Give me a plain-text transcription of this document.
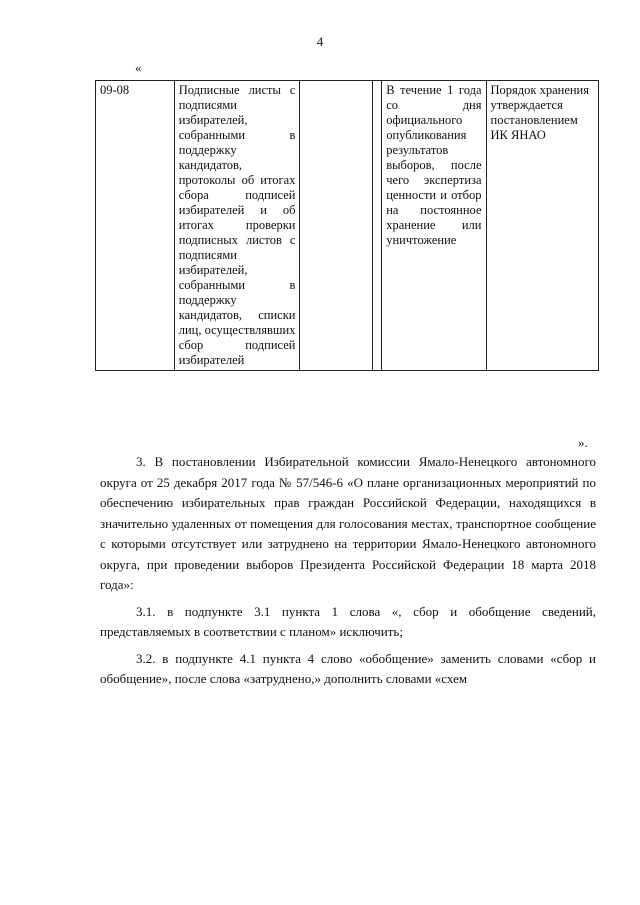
4
«
09-08	Подписные листы с подписями избирателей, собранными в поддержку кандидатов, протоколы об итогах сбора подписей избирателей и об итогах проверки подписных листов с подписями избирателей, собранными в поддержку кандидатов, списки лиц, осуществлявших сбор подписей избирателей			В течение 1 года со дня официального опубликования результатов выборов, после чего экспертиза ценности и отбор на постоянное хранение или уничтожение	Порядок хранения утверждается постановлением ИК ЯНАО
».

3. В постановлении Избирательной комиссии Ямало-Ненецкого автономного округа от 25 декабря 2017 года № 57/546-6 «О плане организационных мероприятий по обеспечению избирательных прав граждан Российской Федерации, находящихся в значительно удаленных от помещения для голосования местах, транспортное сообщение с которыми отсутствует или затруднено на территории Ямало-Ненецкого автономного округа, при проведении выборов Президента Российской Федерации 18 марта 2018 года»:

3.1. в подпункте 3.1 пункта 1 слова «, сбор и обобщение сведений, представляемых в соответствии с планом» исключить;

3.2. в подпункте 4.1 пункта 4 слово «обобщение» заменить словами «сбор и обобщение», после слова «затруднено,» дополнить словами «схем
